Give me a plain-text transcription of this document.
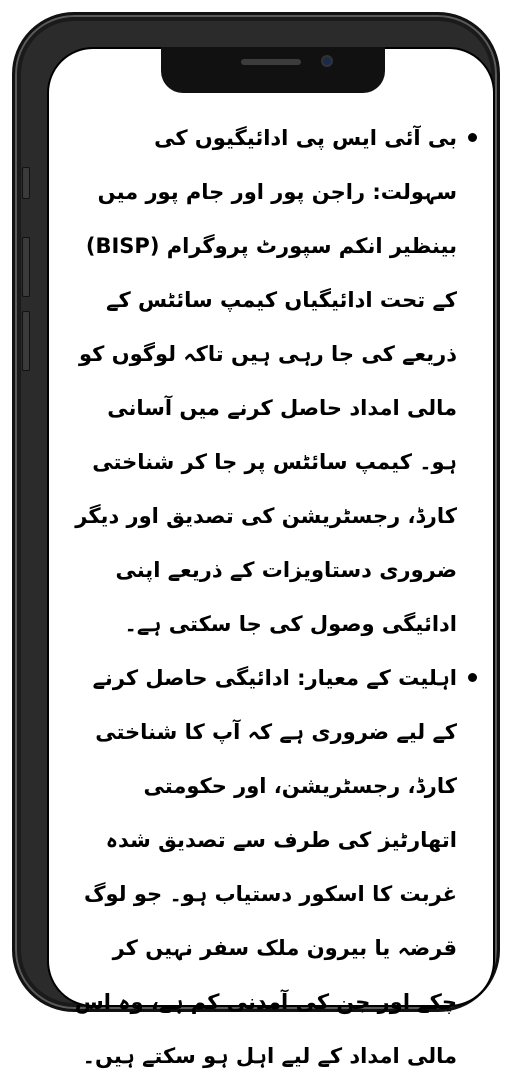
بی آئی ایس پی ادائیگیوں کی سہولت: راجن پور اور جام پور میں بینظیر انکم سپورٹ پروگرام (BISP) کے تحت ادائیگیاں کیمپ سائٹس کے ذریعے کی جا رہی ہیں تاکہ لوگوں کو مالی امداد حاصل کرنے میں آسانی ہو۔ کیمپ سائٹس پر جا کر شناختی کارڈ، رجسٹریشن کی تصدیق اور دیگر ضروری دستاویزات کے ذریعے اپنی ادائیگی وصول کی جا سکتی ہے۔
اہلیت کے معیار: ادائیگی حاصل کرنے کے لیے ضروری ہے کہ آپ کا شناختی کارڈ، رجسٹریشن، اور حکومتی اتھارٹیز کی طرف سے تصدیق شدہ غربت کا اسکور دستیاب ہو۔ جو لوگ قرضہ یا بیرون ملک سفر نہیں کر چکے اور جن کی آمدنی کم ہے، وہ اس مالی امداد کے لیے اہل ہو سکتے ہیں۔
